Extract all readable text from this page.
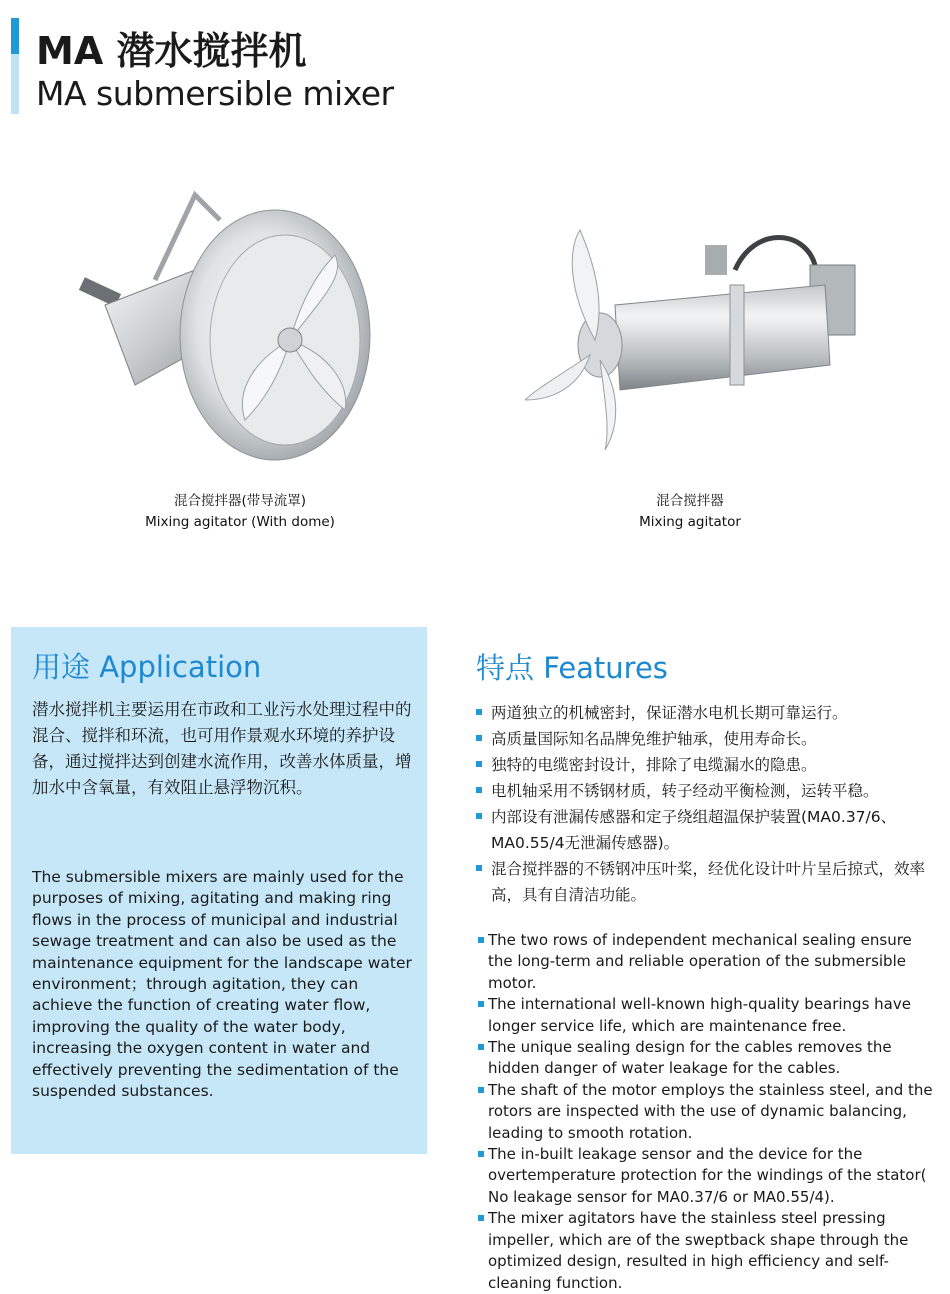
MA 潜水搅拌机
MA submersible mixer
混合搅拌器(带导流罩)
Mixing agitator (With dome)
混合搅拌器
Mixing agitator
用途 Application
潜水搅拌机主要运用在市政和工业污水处理过程中的混合、搅拌和环流，也可用作景观水环境的养护设备，通过搅拌达到创建水流作用，改善水体质量，增加水中含氧量，有效阻止悬浮物沉积。
The submersible mixers are mainly used for the purposes of mixing, agitating and making ring flows in the process of municipal and industrial sewage treatment and can also be used as the maintenance equipment for the landscape water environment；through agitation, they can achieve the function of creating water flow, improving the quality of the water body, increasing the oxygen content in water and effectively preventing the sedimentation of the suspended substances.
特点 Features
两道独立的机械密封，保证潜水电机长期可靠运行。
高质量国际知名品牌免维护轴承，使用寿命长。
独特的电缆密封设计，排除了电缆漏水的隐患。
电机轴采用不锈钢材质，转子经动平衡检测，运转平稳。
内部设有泄漏传感器和定子绕组超温保护装置(MA0.37/6、MA0.55/4无泄漏传感器)。
混合搅拌器的不锈钢冲压叶桨，经优化设计叶片呈后掠式，效率高，具有自清洁功能。
The two rows of independent mechanical sealing ensure the long-term and reliable operation of the submersible motor.
The international well-known high-quality bearings have longer service life, which are maintenance free.
The unique sealing design for the cables removes the hidden danger of water leakage for the cables.
The shaft of the motor employs the stainless steel, and the rotors are inspected with the use of dynamic balancing, leading to smooth rotation.
The in-built leakage sensor and the device for the overtemperature protection for the windings of the stator( No leakage sensor for MA0.37/6 or MA0.55/4).
The mixer agitators have the stainless steel pressing impeller, which are of the sweptback shape through the optimized design, resulted in high efficiency and self-cleaning function.
